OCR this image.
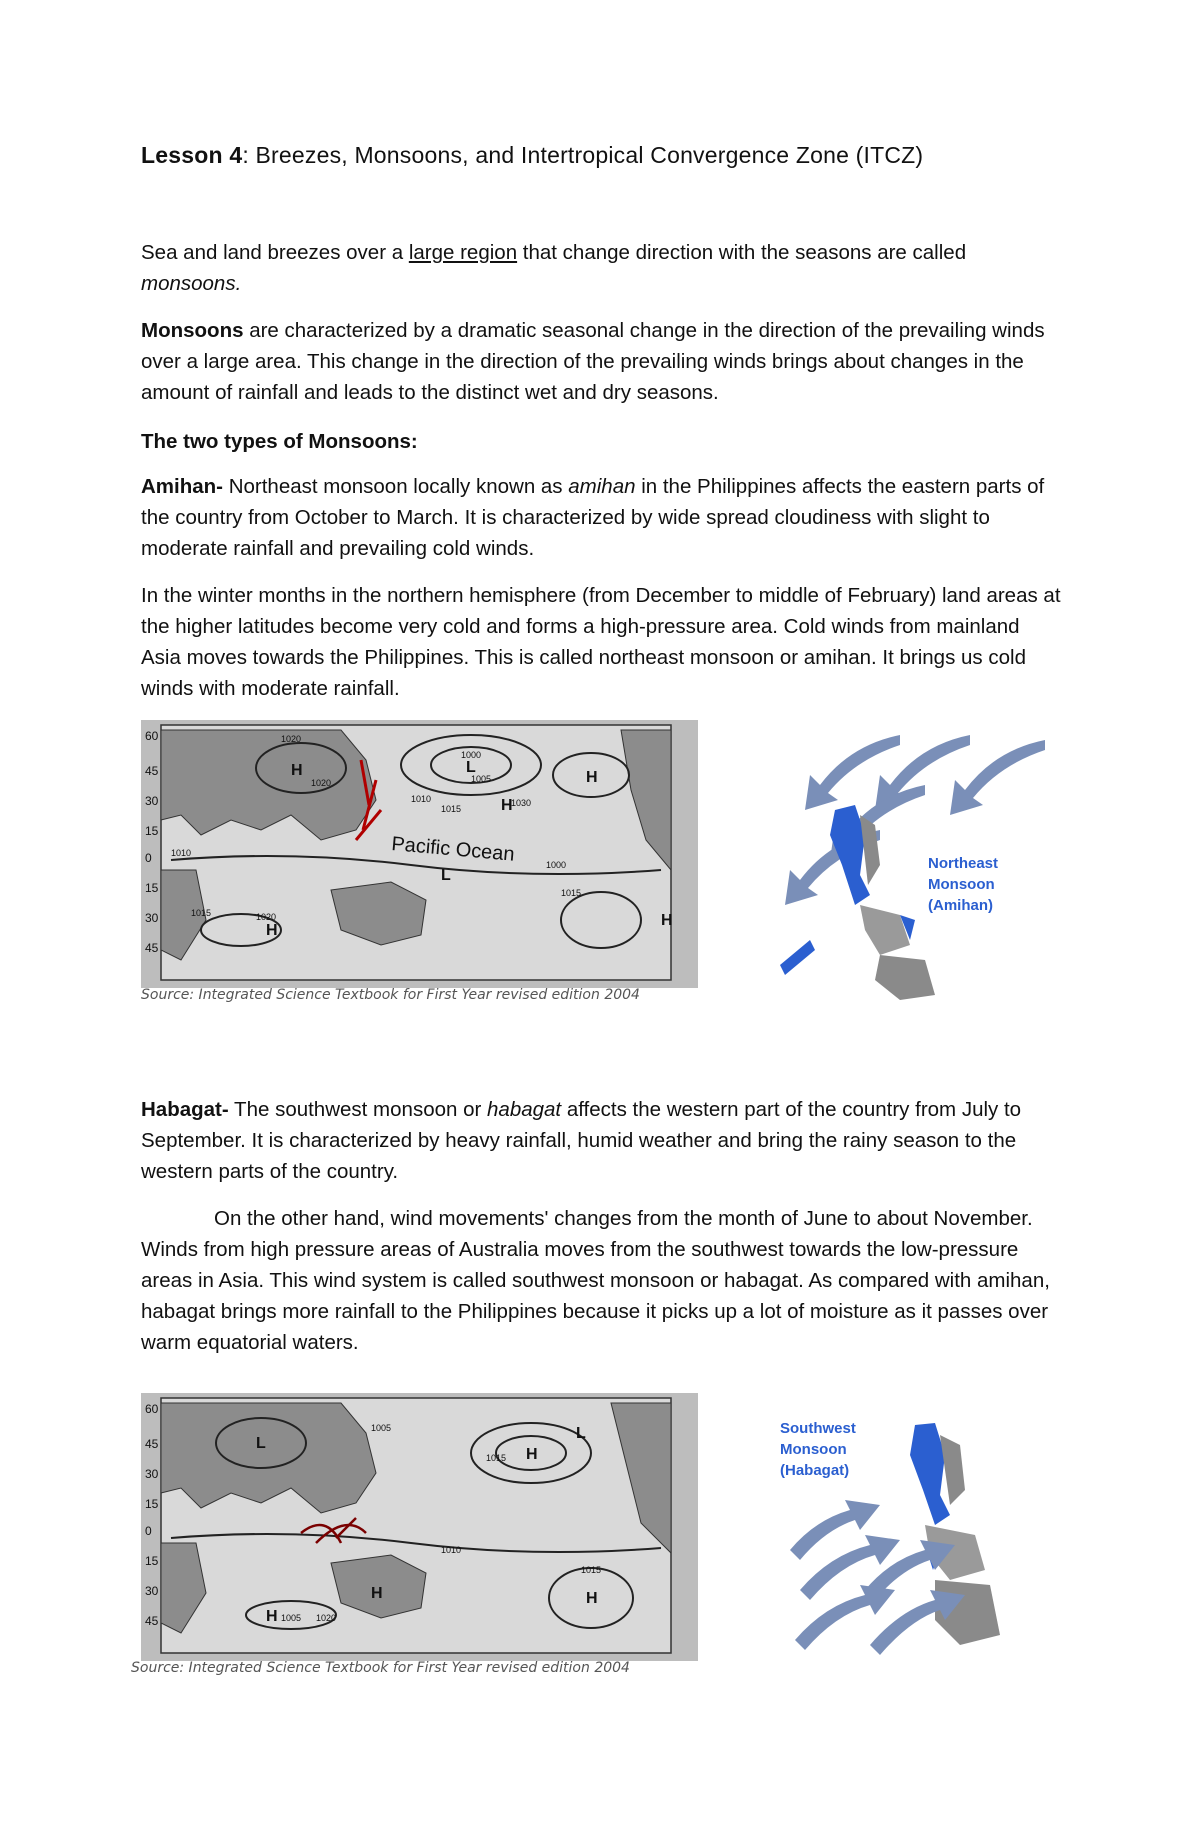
Lesson 4: Breezes, Monsoons, and Intertropical Convergence Zone (ITCZ)
Sea and land breezes over a large region that change direction with the seasons are called
monsoons.
Monsoons are characterized by a dramatic seasonal change in the direction of the prevailing winds over a large area. This change in the direction of the prevailing winds brings about changes in the amount of rainfall and leads to the distinct wet and dry seasons.
The two types of Monsoons:
Amihan- Northeast monsoon locally known as amihan in the Philippines affects the eastern parts of the country from October to March. It is characterized by wide spread cloudiness with slight to moderate rainfall and prevailing cold winds.
In the winter months in the northern hemisphere (from December to middle of February) land areas at the higher latitudes become very cold and forms a high-pressure area. Cold winds from mainland Asia moves towards the Philippines. This is called northeast monsoon or amihan. It brings us cold winds with moderate rainfall.
60
45
30
15
0
15
30
45
1020
1000
1005
1010
1015
1020
1030
1000
1015
1015	1020
1010
H	L
H
H
H
L
H
Pacific Ocean
Source: Integrated Science Textbook for First Year revised edition 2004
Northeast
Monsoon
(Amihan)
Habagat- The southwest monsoon or habagat affects the western part of the country from July to September. It is characterized by heavy rainfall, humid weather and bring the rainy season to the western parts of the country.
On the other hand, wind movements' changes from the month of June to about November. Winds from high pressure areas of Australia moves from the southwest towards the low-pressure areas in Asia. This wind system is called southwest monsoon or habagat. As compared with amihan, habagat brings more rainfall to the Philippines because it picks up a lot of moisture as it passes over warm equatorial waters.
60
45
30
15
0
15
30
45
1005
1015
1010
1005 1020
1015
L
H
L
H
H	H
Source: Integrated Science Textbook for First Year revised edition 2004
Southwest
Monsoon
(Habagat)
